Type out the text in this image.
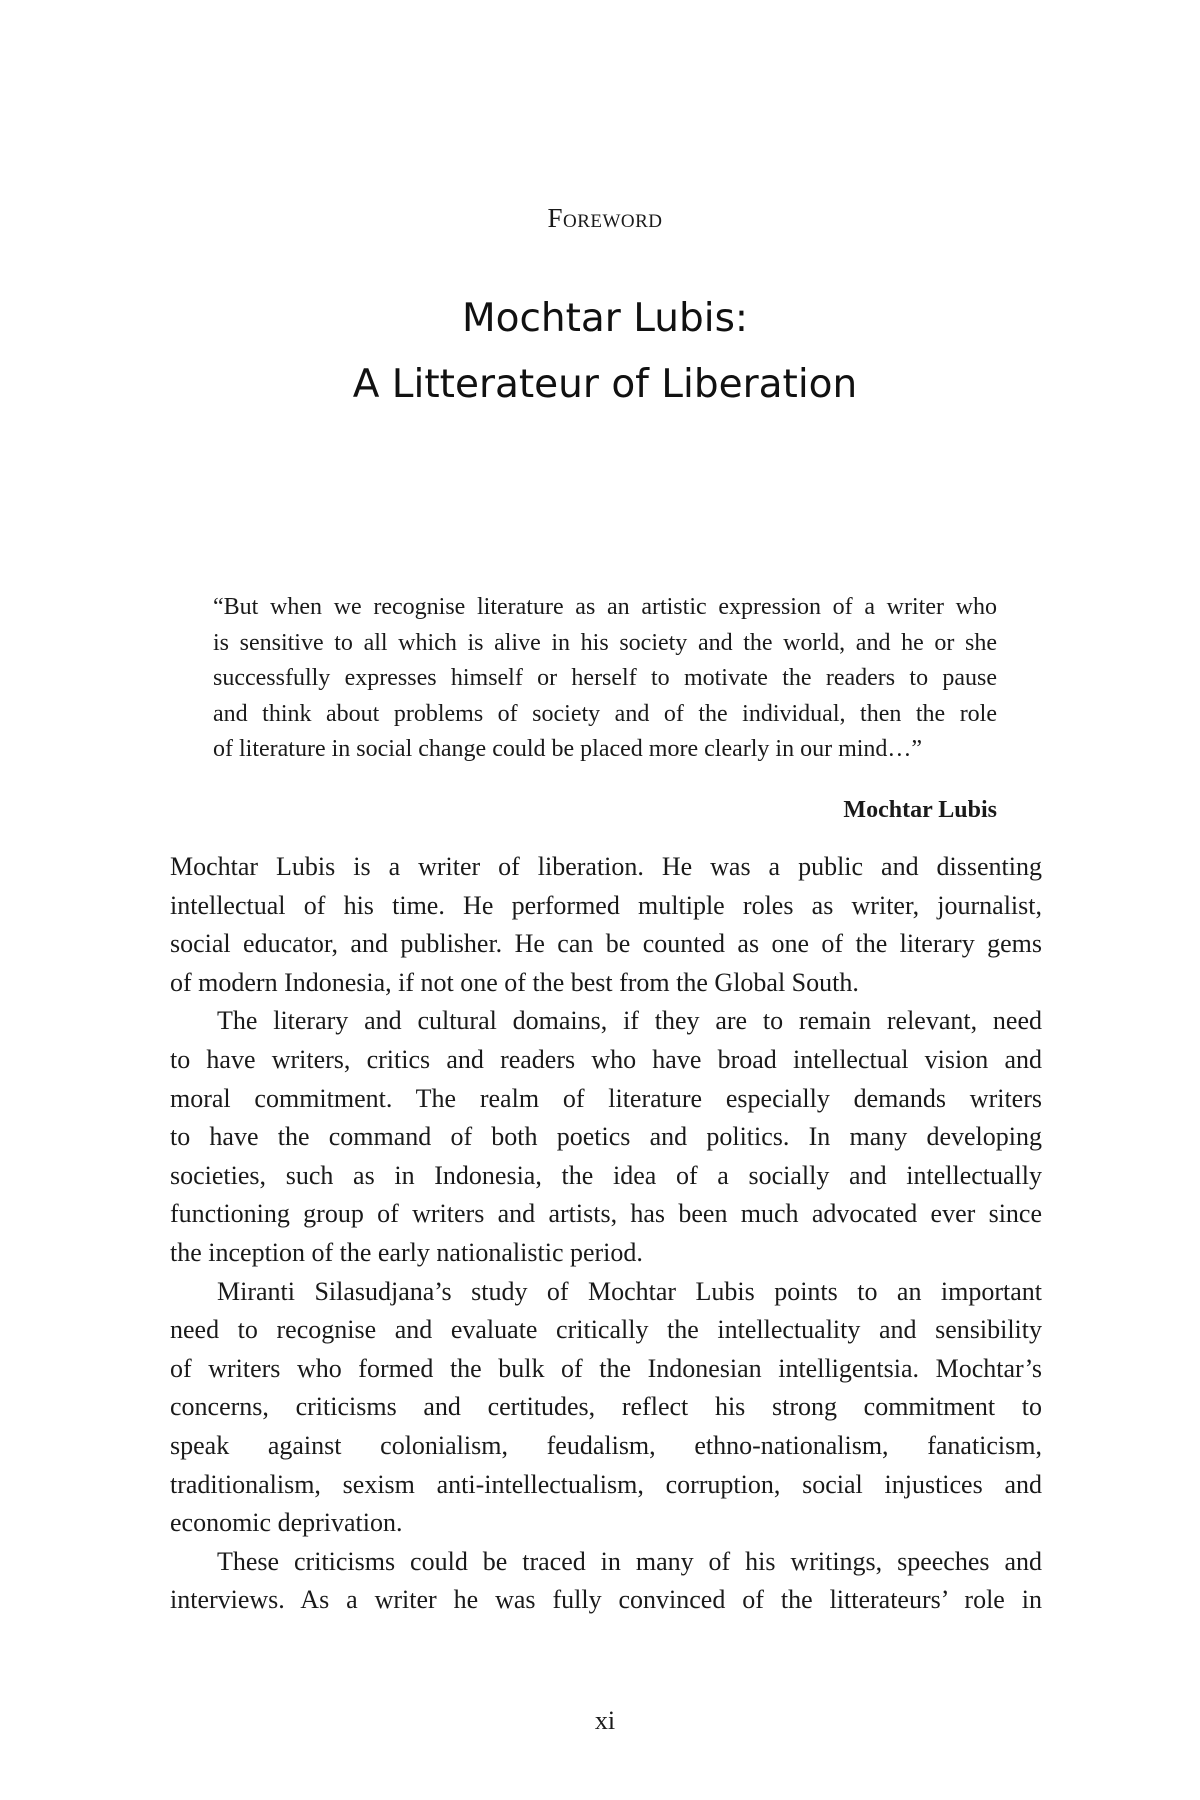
Foreword
Mochtar Lubis:
A Litterateur of Liberation
“But when we recognise literature as an artistic expression of a writer who
is sensitive to all which is alive in his society and the world, and he or she
successfully expresses himself or herself to motivate the readers to pause
and think about problems of society and of the individual, then the role
of literature in social change could be placed more clearly in our mind…”
Mochtar Lubis
Mochtar Lubis is a writer of liberation. He was a public and dissenting
intellectual of his time. He performed multiple roles as writer, journalist,
social educator, and publisher. He can be counted as one of the literary gems
of modern Indonesia, if not one of the best from the Global South.
The literary and cultural domains, if they are to remain relevant, need
to have writers, critics and readers who have broad intellectual vision and
moral commitment. The realm of literature especially demands writers
to have the command of both poetics and politics. In many developing
societies, such as in Indonesia, the idea of a socially and intellectually
functioning group of writers and artists, has been much advocated ever since
the inception of the early nationalistic period.
Miranti Silasudjana’s study of Mochtar Lubis points to an important
need to recognise and evaluate critically the intellectuality and sensibility
of writers who formed the bulk of the Indonesian intelligentsia. Mochtar’s
concerns, criticisms and certitudes, reflect his strong commitment to
speak against colonialism, feudalism, ethno-nationalism, fanaticism,
traditionalism, sexism anti-intellectualism, corruption, social injustices and
economic deprivation.
These criticisms could be traced in many of his writings, speeches and
interviews. As a writer he was fully convinced of the litterateurs’ role in
xi
